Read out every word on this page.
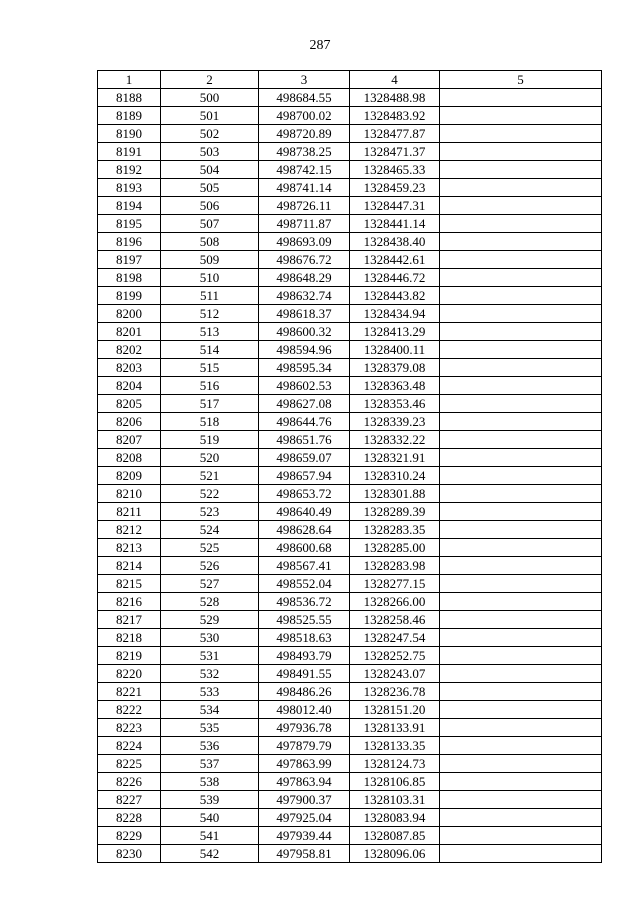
287
1	2	3	4	5
8188	500	498684.55	1328488.98	
8189	501	498700.02	1328483.92	
8190	502	498720.89	1328477.87	
8191	503	498738.25	1328471.37	
8192	504	498742.15	1328465.33	
8193	505	498741.14	1328459.23	
8194	506	498726.11	1328447.31	
8195	507	498711.87	1328441.14	
8196	508	498693.09	1328438.40	
8197	509	498676.72	1328442.61	
8198	510	498648.29	1328446.72	
8199	511	498632.74	1328443.82	
8200	512	498618.37	1328434.94	
8201	513	498600.32	1328413.29	
8202	514	498594.96	1328400.11	
8203	515	498595.34	1328379.08	
8204	516	498602.53	1328363.48	
8205	517	498627.08	1328353.46	
8206	518	498644.76	1328339.23	
8207	519	498651.76	1328332.22	
8208	520	498659.07	1328321.91	
8209	521	498657.94	1328310.24	
8210	522	498653.72	1328301.88	
8211	523	498640.49	1328289.39	
8212	524	498628.64	1328283.35	
8213	525	498600.68	1328285.00	
8214	526	498567.41	1328283.98	
8215	527	498552.04	1328277.15	
8216	528	498536.72	1328266.00	
8217	529	498525.55	1328258.46	
8218	530	498518.63	1328247.54	
8219	531	498493.79	1328252.75	
8220	532	498491.55	1328243.07	
8221	533	498486.26	1328236.78	
8222	534	498012.40	1328151.20	
8223	535	497936.78	1328133.91	
8224	536	497879.79	1328133.35	
8225	537	497863.99	1328124.73	
8226	538	497863.94	1328106.85	
8227	539	497900.37	1328103.31	
8228	540	497925.04	1328083.94	
8229	541	497939.44	1328087.85	
8230	542	497958.81	1328096.06	
